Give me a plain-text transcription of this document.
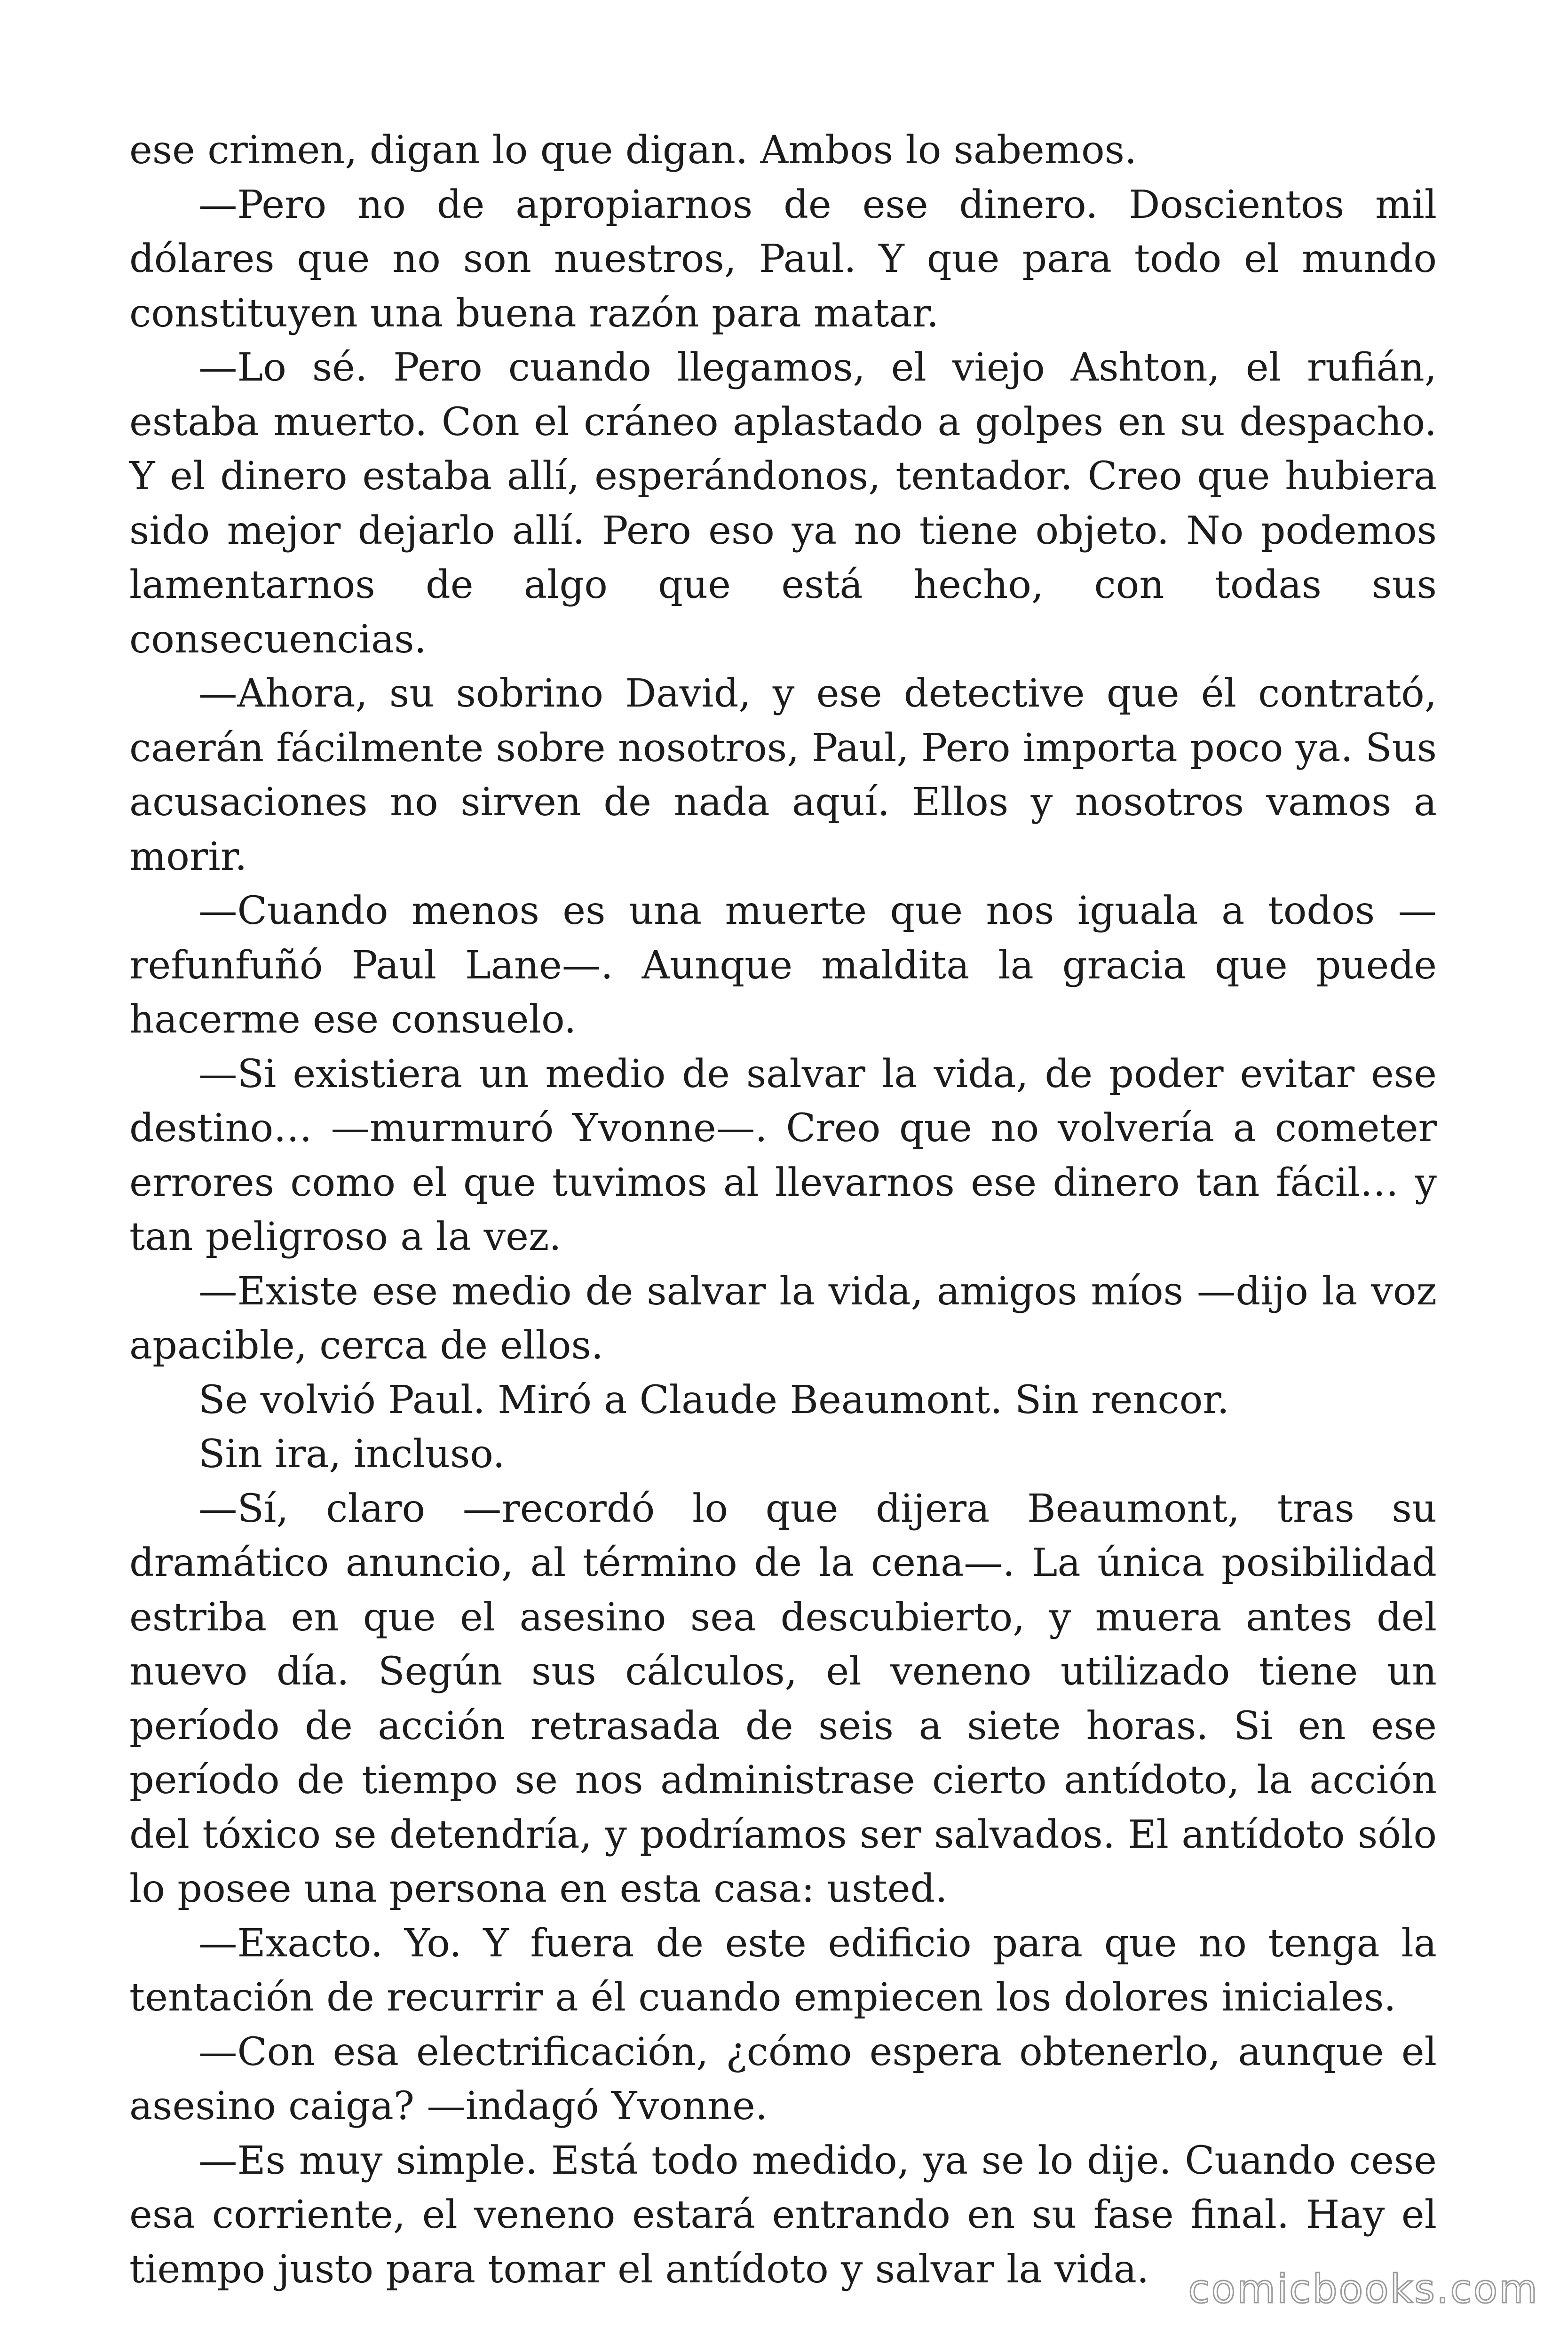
ese crimen, digan lo que digan. Ambos lo sabemos.

—Pero no de apropiarnos de ese dinero. Doscientos mil dólares que no son nuestros, Paul. Y que para todo el mundo constituyen una buena razón para matar.

—Lo sé. Pero cuando llegamos, el viejo Ashton, el rufián, estaba muerto. Con el cráneo aplastado a golpes en su despacho. Y el dinero estaba allí, esperándonos, tentador. Creo que hubiera sido mejor dejarlo allí. Pero eso ya no tiene objeto. No podemos lamentarnos de algo que está hecho, con todas sus consecuencias.

—Ahora, su sobrino David, y ese detective que él contrató, caerán fácilmente sobre nosotros, Paul, Pero importa poco ya. Sus acusaciones no sirven de nada aquí. Ellos y nosotros vamos a morir.

—Cuando menos es una muerte que nos iguala a todos —refunfuñó Paul Lane—. Aunque maldita la gracia que puede hacerme ese consuelo.

—Si existiera un medio de salvar la vida, de poder evitar ese destino… —murmuró Yvonne—. Creo que no volvería a cometer errores como el que tuvimos al llevarnos ese dinero tan fácil… y tan peligroso a la vez.

—Existe ese medio de salvar la vida, amigos míos —dijo la voz apacible, cerca de ellos.

Se volvió Paul. Miró a Claude Beaumont. Sin rencor.

Sin ira, incluso.

—Sí, claro —recordó lo que dijera Beaumont, tras su dramático anuncio, al término de la cena—. La única posibilidad estriba en que el asesino sea descubierto, y muera antes del nuevo día. Según sus cálculos, el veneno utilizado tiene un período de acción retrasada de seis a siete horas. Si en ese período de tiempo se nos administrase cierto antídoto, la acción del tóxico se detendría, y podríamos ser salvados. El antídoto sólo lo posee una persona en esta casa: usted.

—Exacto. Yo. Y fuera de este edificio para que no tenga la tentación de recurrir a él cuando empiecen los dolores iniciales.

—Con esa electrificación, ¿cómo espera obtenerlo, aunque el asesino caiga? —indagó Yvonne.

—Es muy simple. Está todo medido, ya se lo dije. Cuando cese esa corriente, el veneno estará entrando en su fase final. Hay el tiempo justo para tomar el antídoto y salvar la vida. comicbooks.com
